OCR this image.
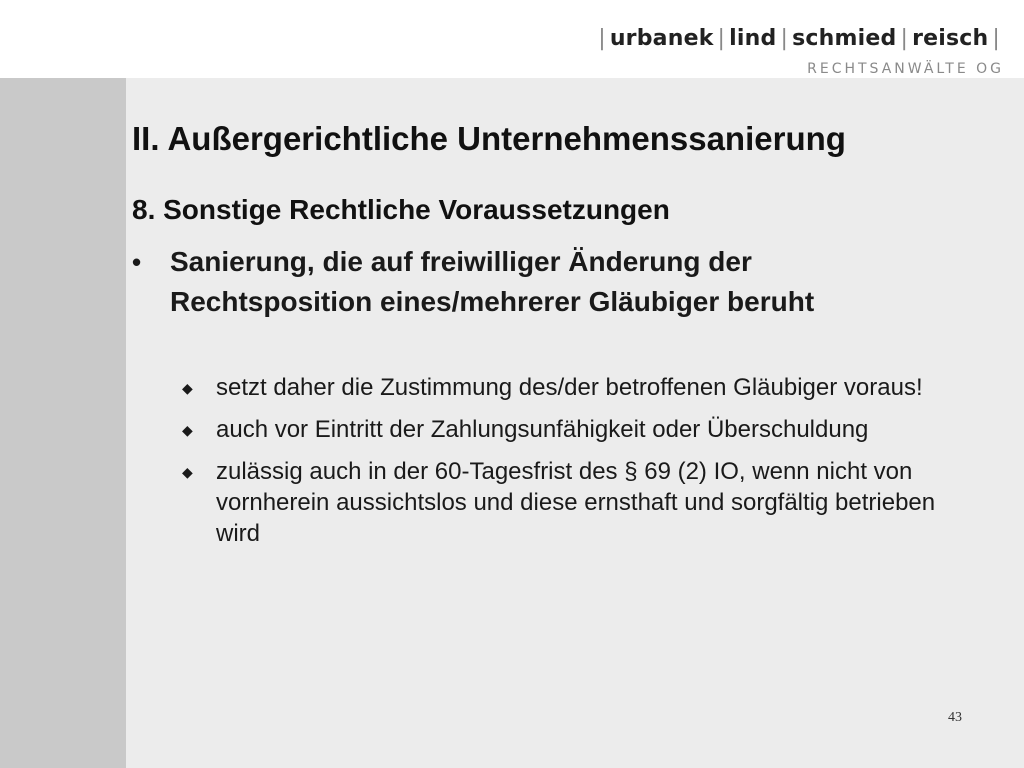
| urbanek | lind | schmied | reisch |
RECHTSANWÄLTE OG
II. Außergerichtliche Unternehmenssanierung
8. Sonstige Rechtliche Voraussetzungen
•	Sanierung, die auf freiwilliger Änderung der Rechtsposition eines/mehrerer Gläubiger beruht
◆ setzt daher die Zustimmung des/der betroffenen Gläubiger voraus!
◆ auch vor Eintritt der Zahlungsunfähigkeit oder Überschuldung
◆ zulässig auch in der 60-Tagesfrist des § 69 (2) IO, wenn nicht von vornherein aussichtslos und diese ernsthaft und sorgfältig betrieben wird
43
